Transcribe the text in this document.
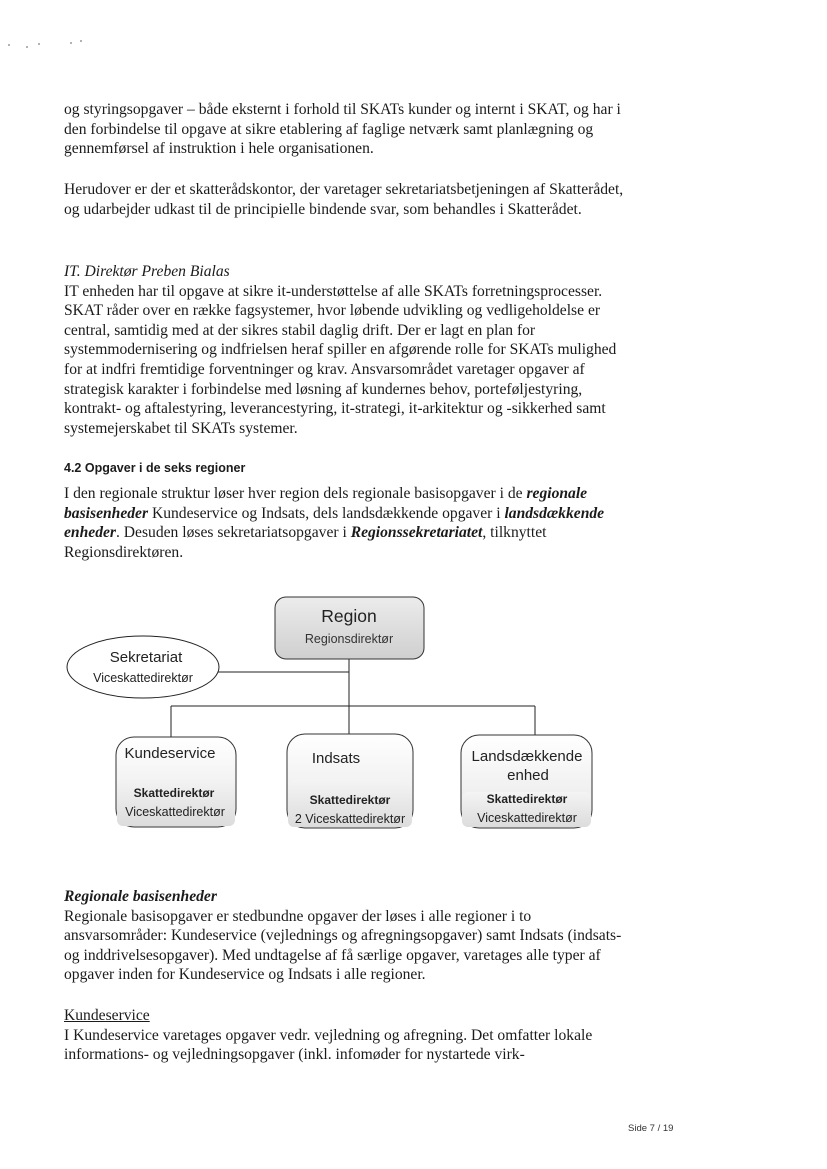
og styringsopgaver – både eksternt i forhold til SKATs kunder og internt i SKAT, og har i den forbindelse til opgave at sikre etablering af faglige netværk samt planlægning og gennemførsel af instruktion i hele organisationen.

Herudover er der et skatterådskontor, der varetager sekretariatsbetjeningen af Skatterådet, og udarbejder udkast til de principielle bindende svar, som behandles i Skatterådet.

IT. Direktør Preben Bialas

IT enheden har til opgave at sikre it-understøttelse af alle SKATs forretningsprocesser. SKAT råder over en række fagsystemer, hvor løbende udvikling og vedligeholdelse er central, samtidig med at der sikres stabil daglig drift. Der er lagt en plan for systemmodernisering og indfrielsen heraf spiller en afgørende rolle for SKATs mulighed for at indfri fremtidige forventninger og krav. Ansvarsområdet varetager opgaver af strategisk karakter i forbindelse med løsning af kundernes behov, porteføljestyring, kontrakt- og aftalestyring, leverancestyring, it-strategi, it-arkitektur og -sikkerhed samt systemejerskabet til SKATs systemer.

4.2 Opgaver i de seks regioner

I den regionale struktur løser hver region dels regionale basisopgaver i de regionale basisenheder Kundeservice og Indsats, dels landsdækkende opgaver i landsdækkende enheder. Desuden løses sekretariatsopgaver i Regionssekretariatet, tilknyttet Regionsdirektøren.

Region
Regionsdirektør
Sekretariat
Viceskattedirektør
Kundeservice
Skattedirektør
Viceskattedirektør
Indsats
Skattedirektør
2 Viceskattedirektør
Landsdækkende
enhed
Skattedirektør
Viceskattedirektør

Regionale basisenheder

Regionale basisopgaver er stedbundne opgaver der løses i alle regioner i to ansvarsområder: Kundeservice (vejlednings og afregningsopgaver) samt Indsats (indsats- og inddrivelsesopgaver). Med undtagelse af få særlige opgaver, varetages alle typer af opgaver inden for Kundeservice og Indsats i alle regioner.

Kundeservice

I Kundeservice varetages opgaver vedr. vejledning og afregning. Det omfatter lokale informations- og vejledningsopgaver (inkl. infomøder for nystartede virk-

Side 7 / 19
